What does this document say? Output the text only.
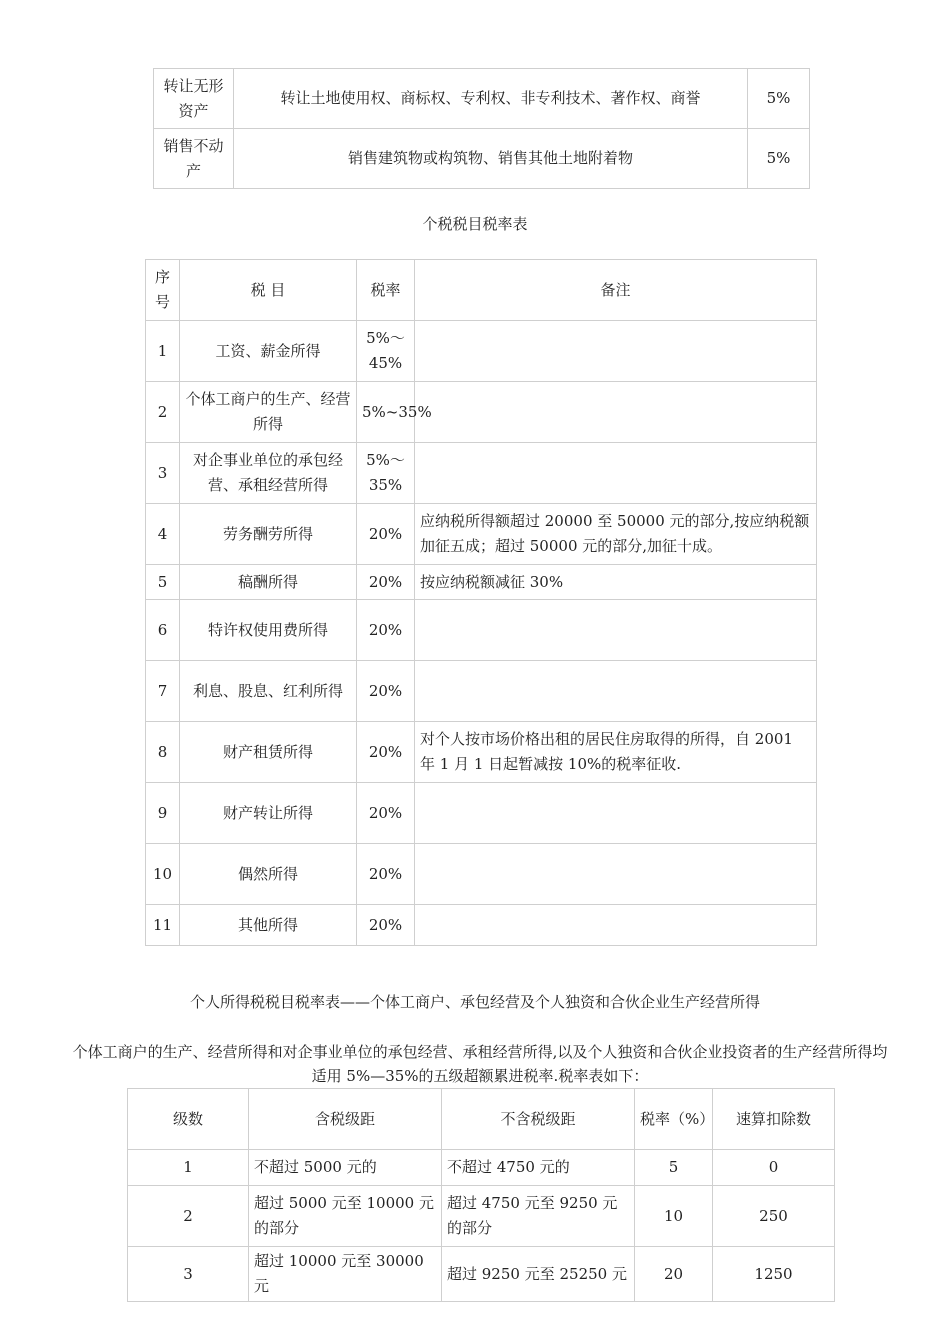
转让无形资产	转让土地使用权、商标权、专利权、非专利技术、著作权、商誉	5%
销售不动产	销售建筑物或构筑物、销售其他土地附着物	5%
个税税目税率表
序号	税 目	税率	备注
1	工资、薪金所得	5%～45%	
2	个体工商户的生产、经营所得	5%~35%	
3	对企事业单位的承包经营、承租经营所得	5%～35%	
4	劳务酬劳所得	20%	应纳税所得额超过 20000 至 50000 元的部分,按应纳税额加征五成；超过 50000 元的部分,加征十成。
5	稿酬所得	20%	按应纳税额减征 30%
6	特许权使用费所得	20%	
7	利息、股息、红利所得	20%	
8	财产租赁所得	20%	对个人按市场价格出租的居民住房取得的所得，自 2001 年 1 月 1 日起暂减按 10%的税率征收.
9	财产转让所得	20%	
10	偶然所得	20%	
11	其他所得	20%	
个人所得税税目税率表——个体工商户、承包经营及个人独资和合伙企业生产经营所得
个体工商户的生产、经营所得和对企事业单位的承包经营、承租经营所得,以及个人独资和合伙企业投资者的生产经营所得均适用 5%—35%的五级超额累进税率.税率表如下：
级数	含税级距	不含税级距	税率（%）	速算扣除数
1	不超过 5000 元的	不超过 4750 元的	5	0
2	超过 5000 元至 10000 元的部分	超过 4750 元至 9250 元的部分	10	250
3	超过 10000 元至 30000 元	超过 9250 元至 25250 元	20	1250
